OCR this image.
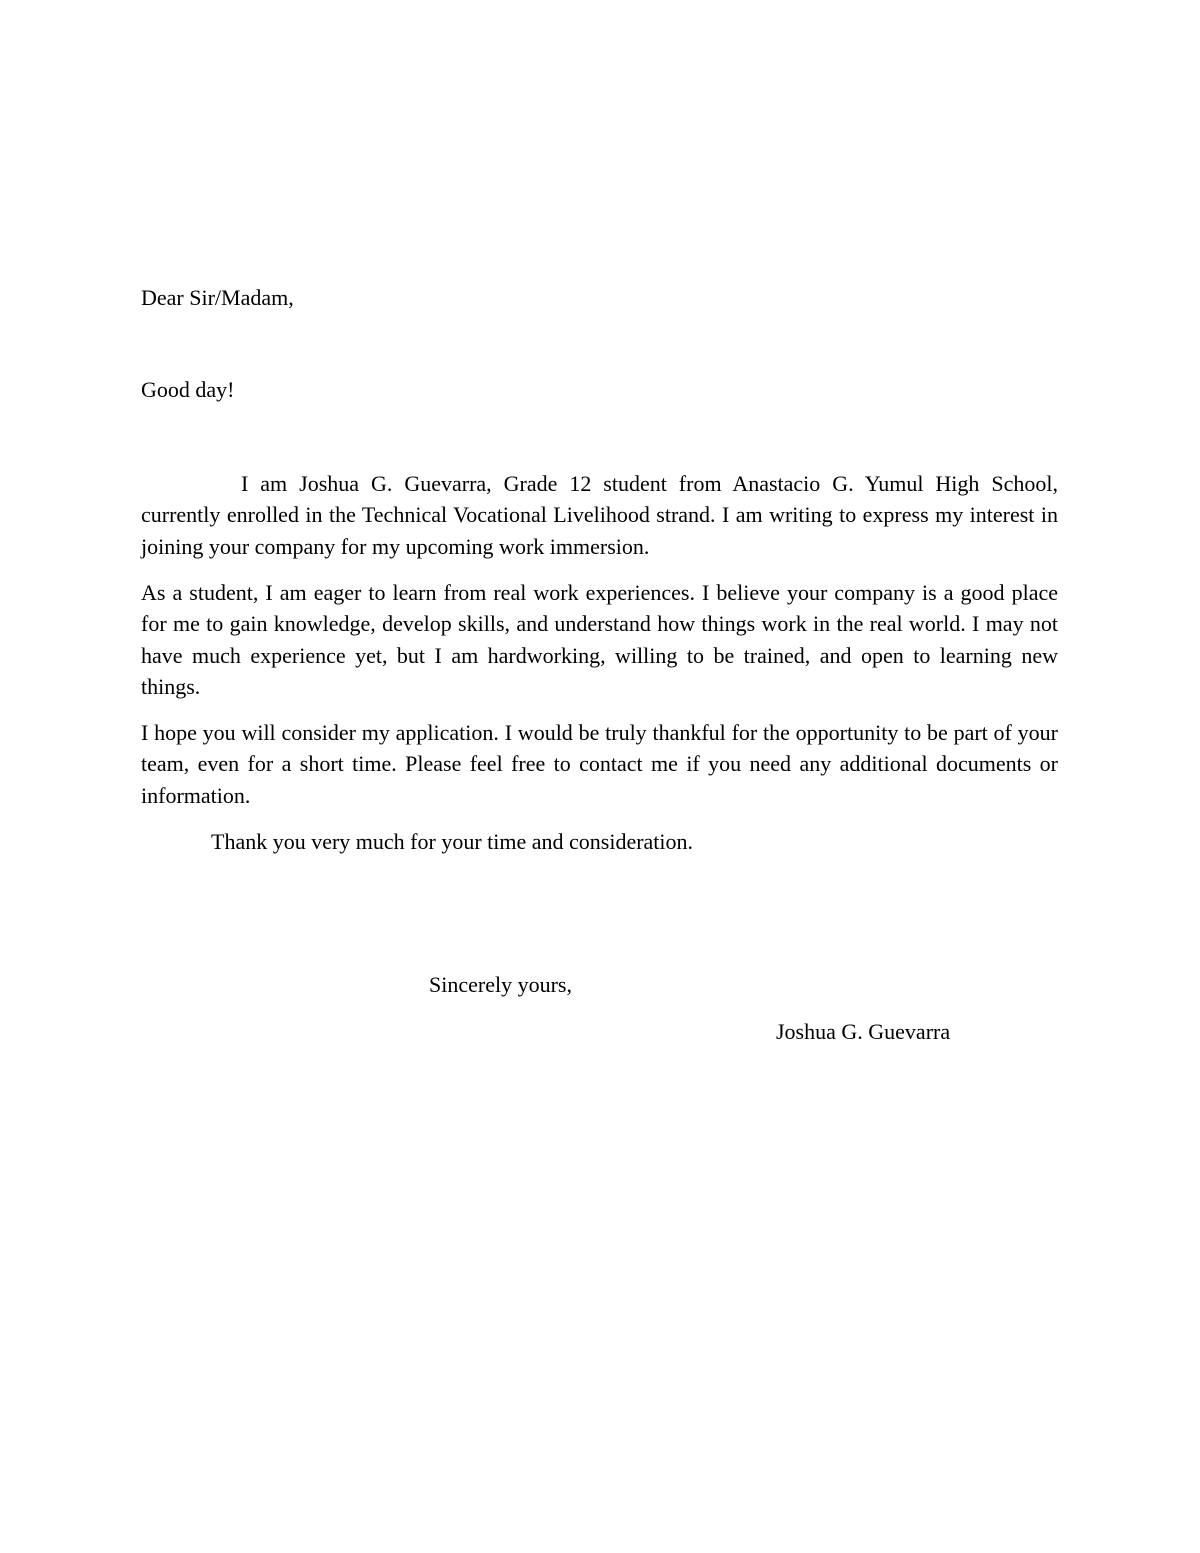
Dear Sir/Madam,
Good day!

I am Joshua G. Guevarra, Grade 12 student from Anastacio G. Yumul High School, currently enrolled in the Technical Vocational Livelihood strand. I am writing to express my interest in joining your company for my upcoming work immersion.

As a student, I am eager to learn from real work experiences. I believe your company is a good place for me to gain knowledge, develop skills, and understand how things work in the real world. I may not have much experience yet, but I am hardworking, willing to be trained, and open to learning new things.

I hope you will consider my application. I would be truly thankful for the opportunity to be part of your team, even for a short time. Please feel free to contact me if you need any additional documents or information.

Thank you very much for your time and consideration.
Sincerely yours,
Joshua G. Guevarra
